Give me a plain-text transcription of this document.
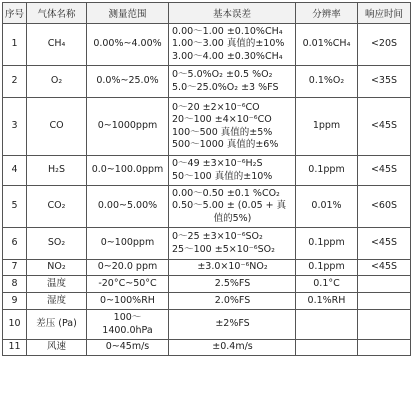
序号	气体名称	测量范围	基本误差	分辨率	响应时间
1	CH₄	0.00%~4.00%	0.00～1.00 ±0.10%CH₄
1.00～3.00 真值的±10%
3.00～4.00 ±0.30%CH₄	0.01%CH₄	<20S
2	O₂	0.0%~25.0%	0～5.0%O₂ ±0.5 %O₂
5.0～25.0%O₂ ±3 %FS	0.1%O₂	<35S
3	CO	0~1000ppm	0～20 ±2×10⁻⁶CO
20～100 ±4×10⁻⁶CO
100～500 真值的±5%
500～1000 真值的±6%	1ppm	<45S
4	H₂S	0.0~100.0ppm	0～49 ±3×10⁻⁶H₂S
50～100 真值的±10%	0.1ppm	<45S
5	CO₂	0.00~5.00%	0.00～0.50 ±0.1 %CO₂
0.50～5.00 ± (0.05 + 真
值的5%)	0.01%	<60S
6	SO₂	0~100ppm	0～25 ±3×10⁻⁶SO₂
25～100 ±5×10⁻⁶SO₂	0.1ppm	<45S
7	NO₂	0~20.0 ppm	±3.0×10⁻⁶NO₂	0.1ppm	<45S
8	温度	-20°C~50°C	2.5%FS	0.1°C	
9	湿度	0~100%RH	2.0%FS	0.1%RH	
10	差压 (Pa)	100～ 1400.0hPa	±2%FS		

11	风速	0~45m/s	±0.4m/s		
